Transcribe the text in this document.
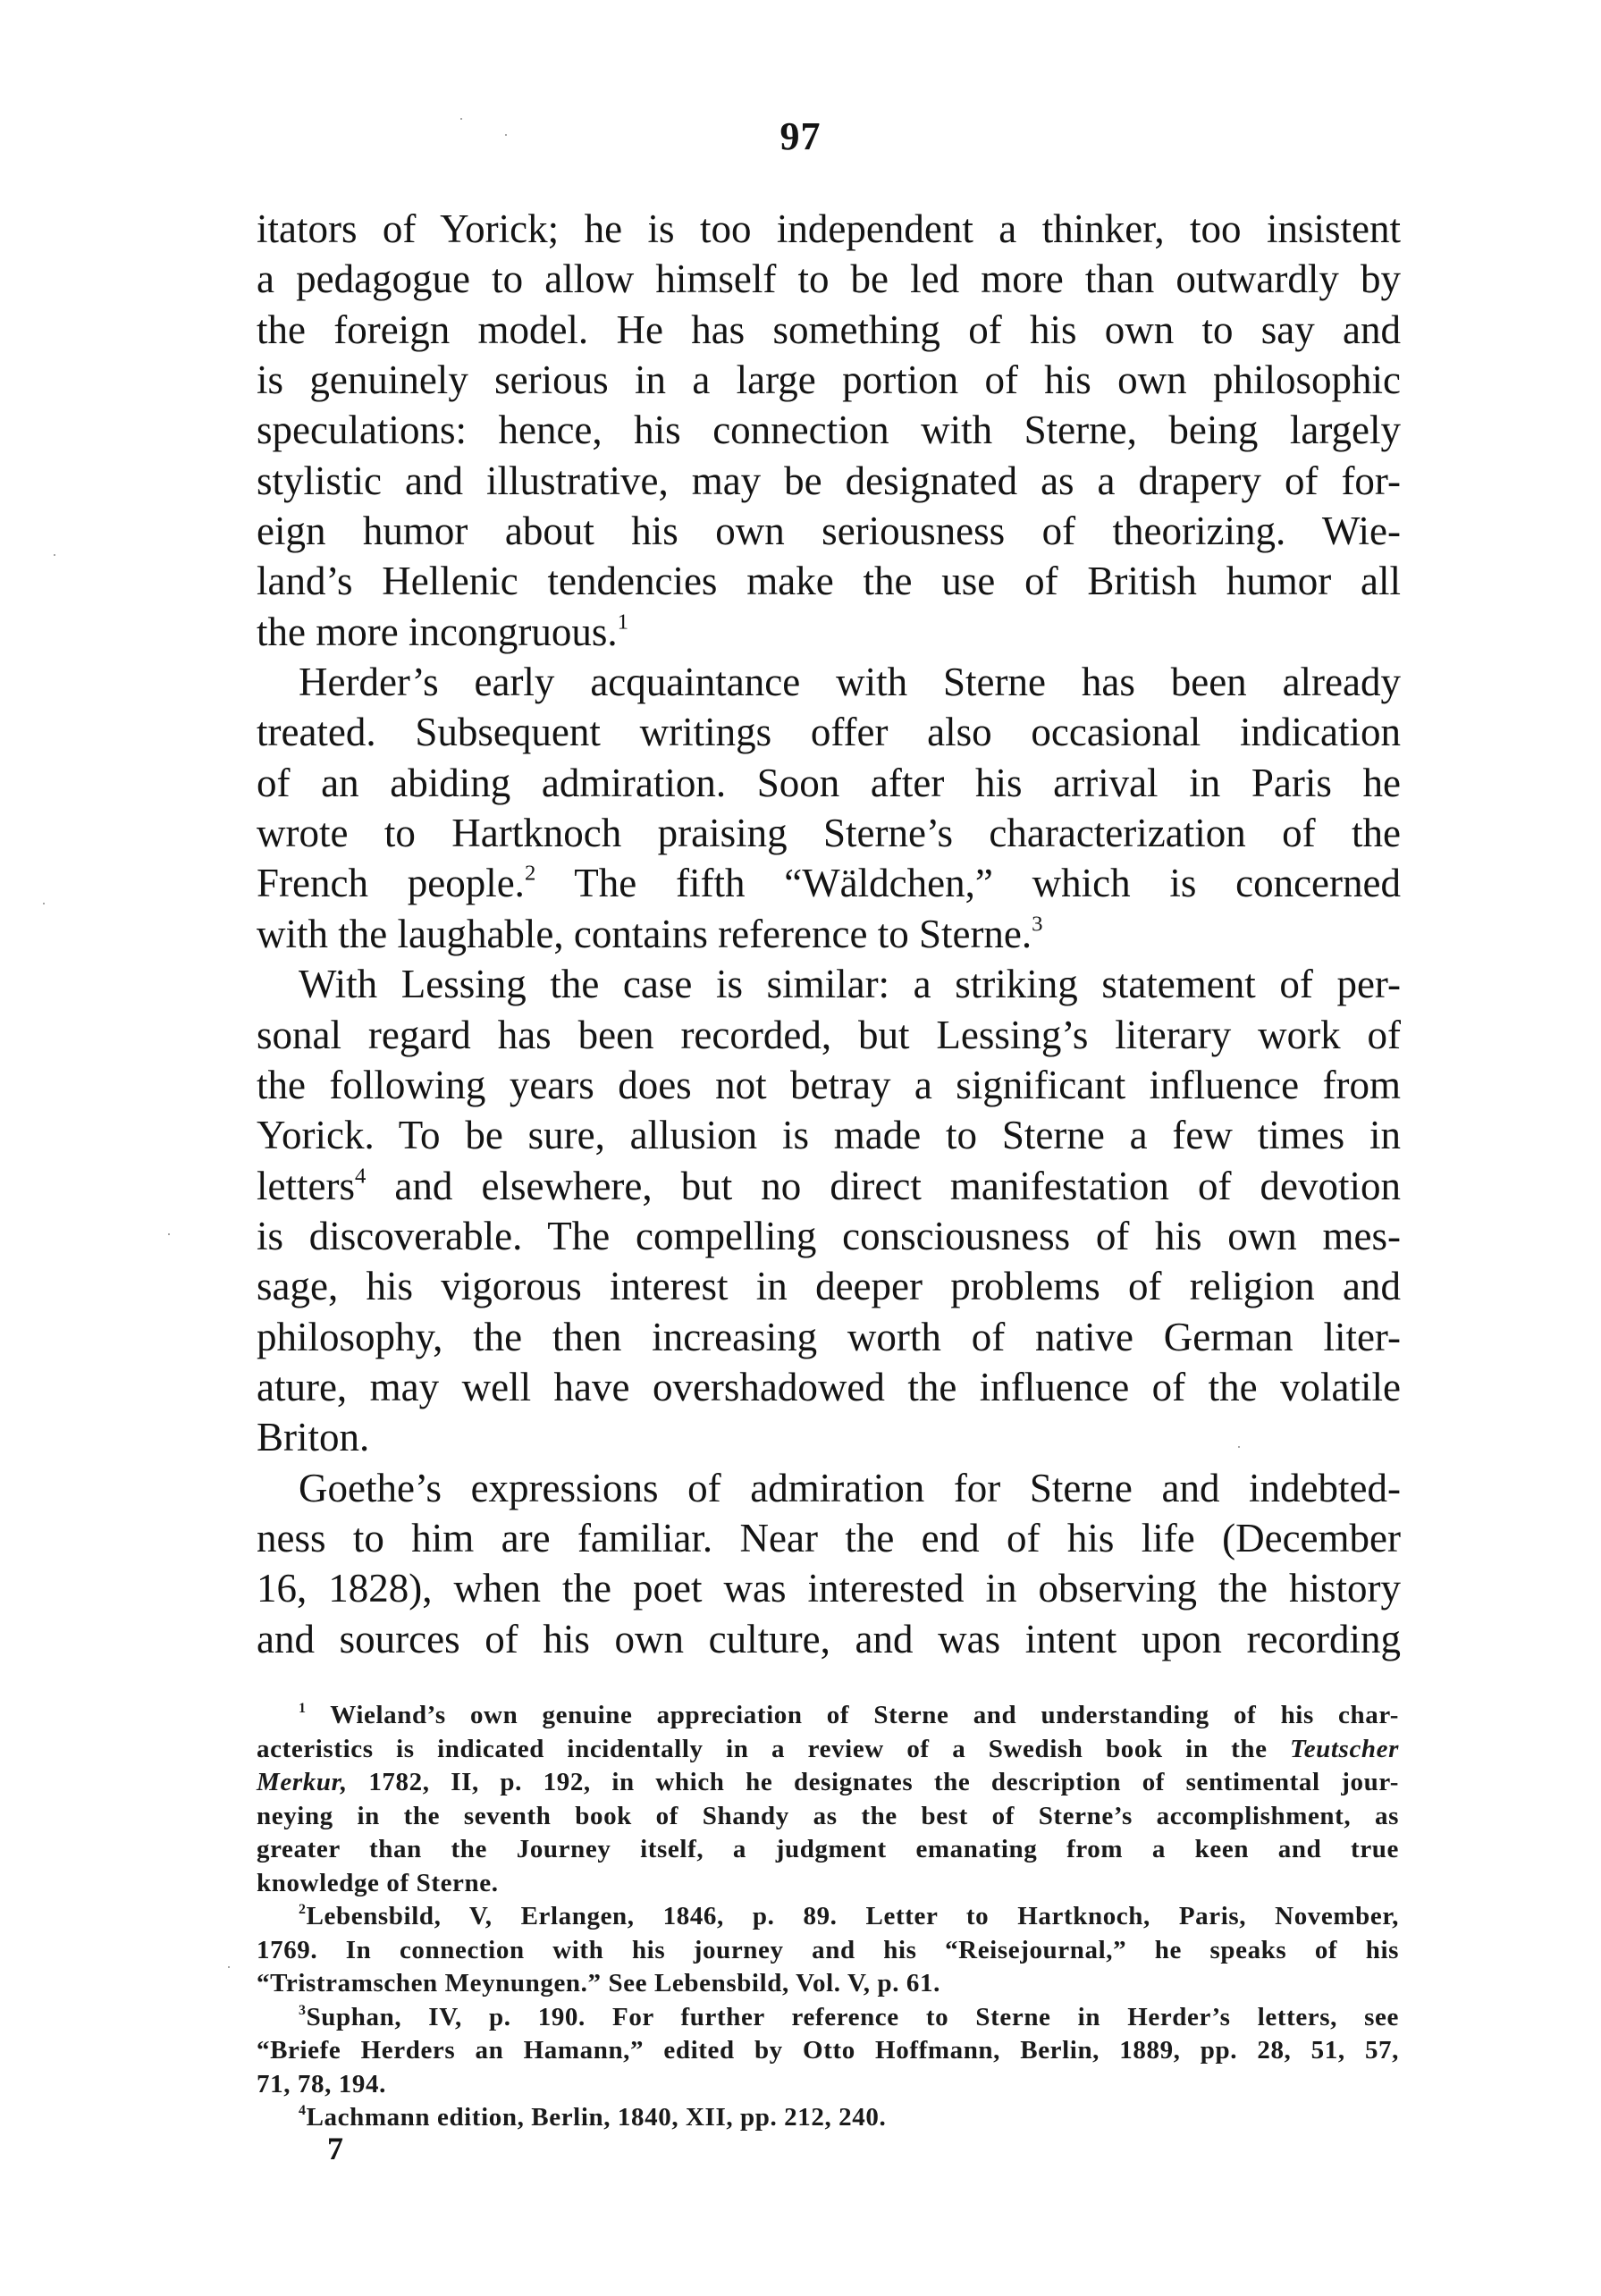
97
itators of Yorick; he is too independent a thinker, too insistent
a pedagogue to allow himself to be led more than outwardly by
the foreign model. He has something of his own to say and
is genuinely serious in a large portion of his own philosophic
speculations: hence, his connection with Sterne, being largely
stylistic and illustrative, may be designated as a drapery of for-
eign humor about his own seriousness of theorizing. Wie-
land’s Hellenic tendencies make the use of British humor all
the more incongruous.$^1$
Herder’s early acquaintance with Sterne has been already
treated. Subsequent writings offer also occasional indication
of an abiding admiration. Soon after his arrival in Paris he
wrote to Hartknoch praising Sterne’s characterization of the
French people.$^2$ The fifth “Wäldchen,” which is concerned
with the laughable, contains reference to Sterne.$^3$
With Lessing the case is similar: a striking statement of per-
sonal regard has been recorded, but Lessing’s literary work of
the following years does not betray a significant influence from
Yorick. To be sure, allusion is made to Sterne a few times in
letters$^4$ and elsewhere, but no direct manifestation of devotion
is discoverable. The compelling consciousness of his own mes-
sage, his vigorous interest in deeper problems of religion and
philosophy, the then increasing worth of native German liter-
ature, may well have overshadowed the influence of the volatile
Briton.
Goethe’s expressions of admiration for Sterne and indebted-
ness to him are familiar. Near the end of his life (December
16, 1828), when the poet was interested in observing the history
and sources of his own culture, and was intent upon recording
$^1$ Wieland’s own genuine appreciation of Sterne and understanding of his char-
acteristics is indicated incidentally in a review of a Swedish book in the Teutscher
Merkur, 1782, II, p. 192, in which he designates the description of sentimental jour-
neying in the seventh book of Shandy as the best of Sterne’s accomplishment, as
greater than the Journey itself, a judgment emanating from a keen and true
knowledge of Sterne.
$^2$Lebensbild, V, Erlangen, 1846, p. 89. Letter to Hartknoch, Paris, November,
1769. In connection with his journey and his “Reisejournal,” he speaks of his
“Tristramschen Meynungen.” See Lebensbild, Vol. V, p. 61.
$^3$Suphan, IV, p. 190. For further reference to Sterne in Herder’s letters, see
“Briefe Herders an Hamann,” edited by Otto Hoffmann, Berlin, 1889, pp. 28, 51, 57,
71, 78, 194.
$^4$Lachmann edition, Berlin, 1840, XII, pp. 212, 240.
7
